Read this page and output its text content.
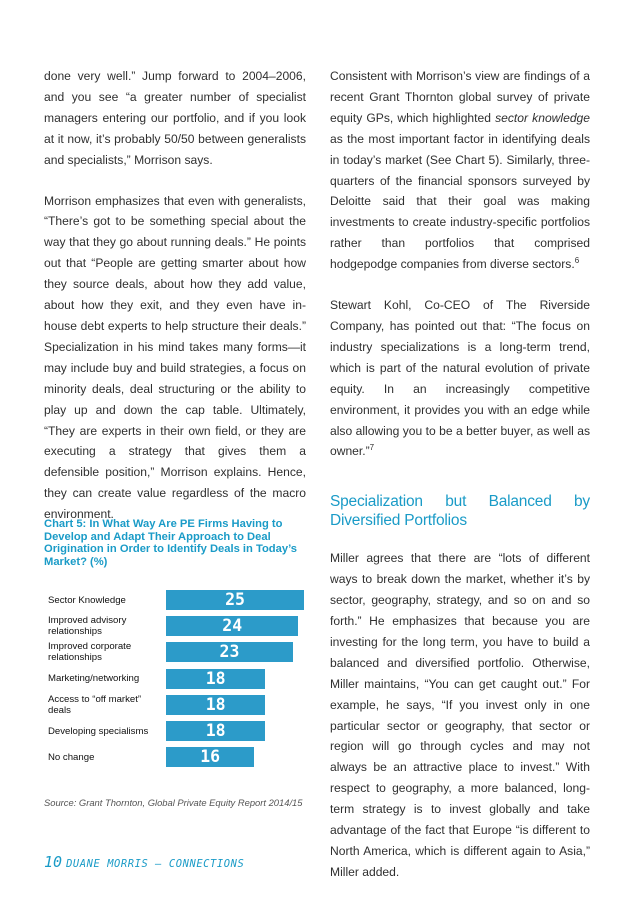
done very well.” Jump forward to 2004–2006, and you see “a greater number of specialist managers entering our portfolio, and if you look at it now, it’s probably 50/50 between generalists and specialists,” Morrison says.

Morrison emphasizes that even with generalists, “There’s got to be something special about the way that they go about running deals.” He points out that “People are getting smarter about how they source deals, about how they add value, about how they exit, and they even have in-house debt experts to help structure their deals.” Specialization in his mind takes many forms—it may include buy and build strategies, a focus on minority deals, deal structuring or the ability to play up and down the cap table. Ultimately, “They are experts in their own field, or they are executing a strategy that gives them a defensible position,” Morrison explains. Hence, they can create value regardless of the macro environment.

Chart 5: In What Way Are PE Firms Having to Develop and Adapt Their Approach to Deal Origination in Order to Identify Deals in Today’s Market? (%)
Sector Knowledge	25
Improved advisory relationships	24
Improved corporate relationships	23
Marketing/networking	18
Access to “off market” deals	18
Developing specialisms	18
No change	16
Source: Grant Thornton, Global Private Equity Report 2014/15

Consistent with Morrison’s view are findings of a recent Grant Thornton global survey of private equity GPs, which highlighted sector knowledge as the most important factor in identifying deals in today’s market (See Chart 5). Similarly, three-quarters of the financial sponsors surveyed by Deloitte said that their goal was making investments to create industry-specific portfolios rather than portfolios that comprised hodgepodge companies from diverse sectors.$^6$

Stewart Kohl, Co-CEO of The Riverside Company, has pointed out that: “The focus on industry specializations is a long-term trend, which is part of the natural evolution of private equity. In an increasingly competitive environment, it provides you with an edge while also allowing you to be a better buyer, as well as owner.”$^7$

Specialization but Balanced by Diversified Portfolios

Miller agrees that there are “lots of different ways to break down the market, whether it’s by sector, geography, strategy, and so on and so forth.” He emphasizes that because you are investing for the long term, you have to build a balanced and diversified portfolio. Otherwise, Miller maintains, “You can get caught out.” For example, he says, “If you invest only in one particular sector or geography, that sector or region will go through cycles and may not always be an attractive place to invest.” With respect to geography, a more balanced, long-term strategy is to invest globally and take advantage of the fact that Europe “is different to North America, which is different again to Asia,” Miller added.

10 DUANE MORRIS — CONNECTIONS
